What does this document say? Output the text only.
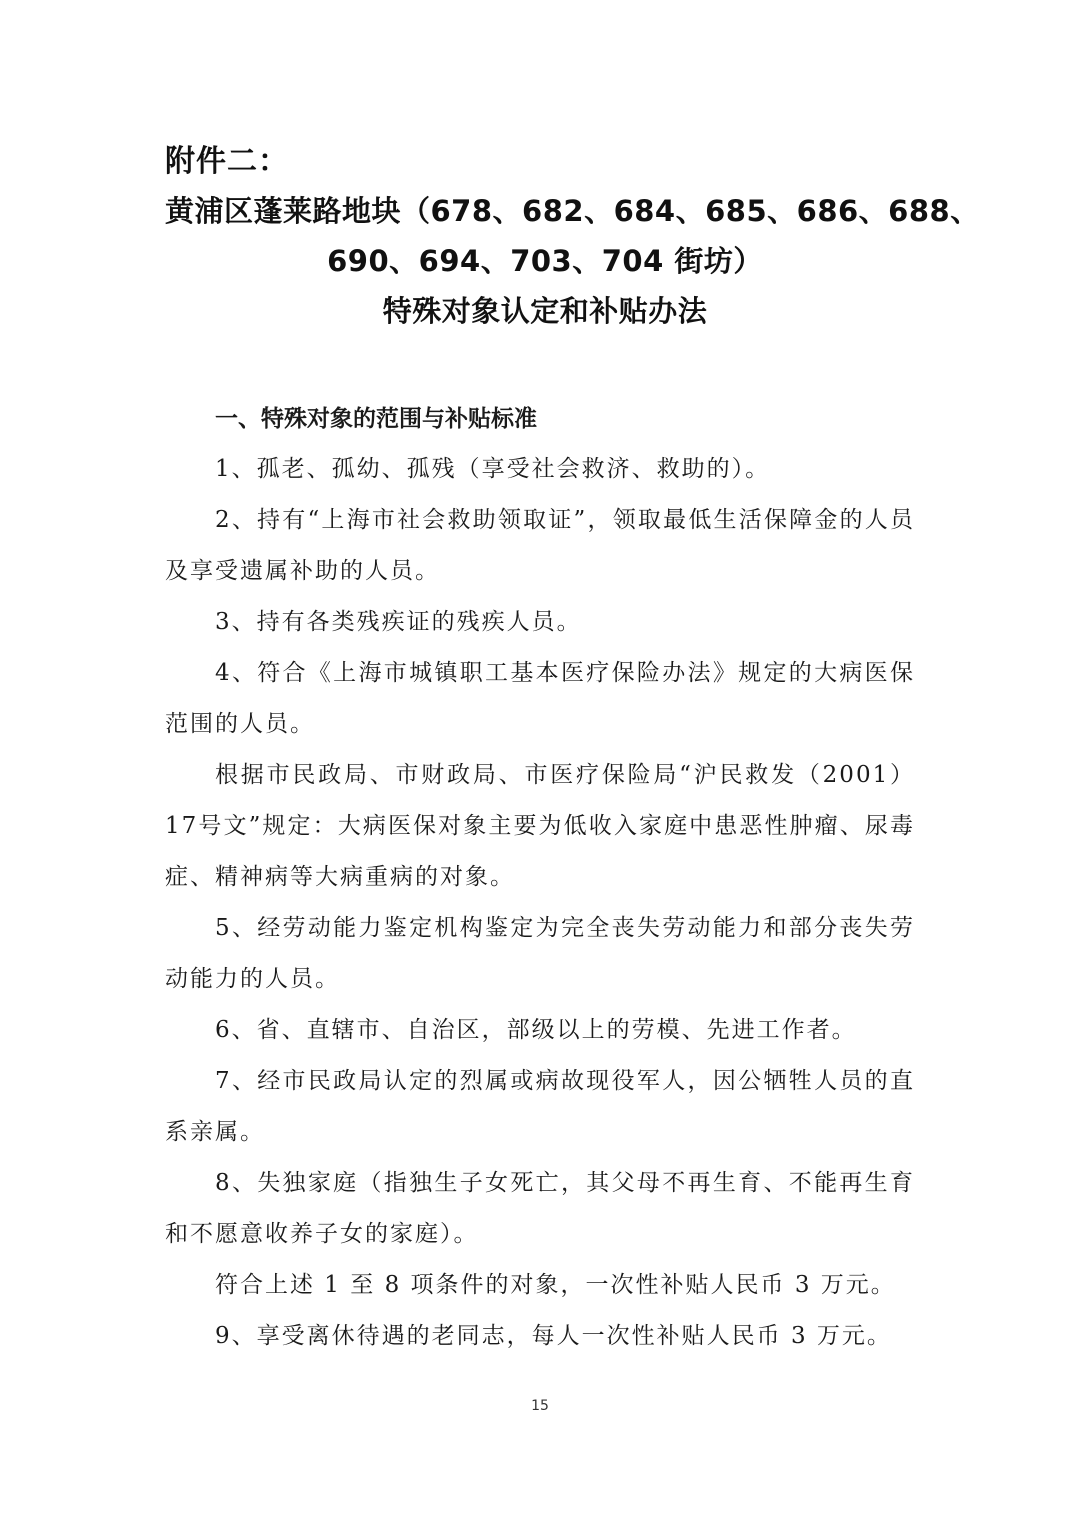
附件二：

黄浦区蓬莱路地块（678、682、684、685、686、688、

690、694、703、704 街坊）

特殊对象认定和补贴办法

一、特殊对象的范围与补贴标准

1、孤老、孤幼、孤残（享受社会救济、救助的）。

2、持有“上海市社会救助领取证”，领取最低生活保障金的人员及享受遗属补助的人员。

3、持有各类残疾证的残疾人员。

4、符合《上海市城镇职工基本医疗保险办法》规定的大病医保范围的人员。

根据市民政局、市财政局、市医疗保险局“沪民救发（2001）17号文”规定：大病医保对象主要为低收入家庭中患恶性肿瘤、尿毒症、精神病等大病重病的对象。

5、经劳动能力鉴定机构鉴定为完全丧失劳动能力和部分丧失劳动能力的人员。

6、省、直辖市、自治区，部级以上的劳模、先进工作者。

7、经市民政局认定的烈属或病故现役军人，因公牺牲人员的直系亲属。

8、失独家庭（指独生子女死亡，其父母不再生育、不能再生育和不愿意收养子女的家庭）。

符合上述 1 至 8 项条件的对象，一次性补贴人民币 3 万元。

9、享受离休待遇的老同志，每人一次性补贴人民币 3 万元。

15
